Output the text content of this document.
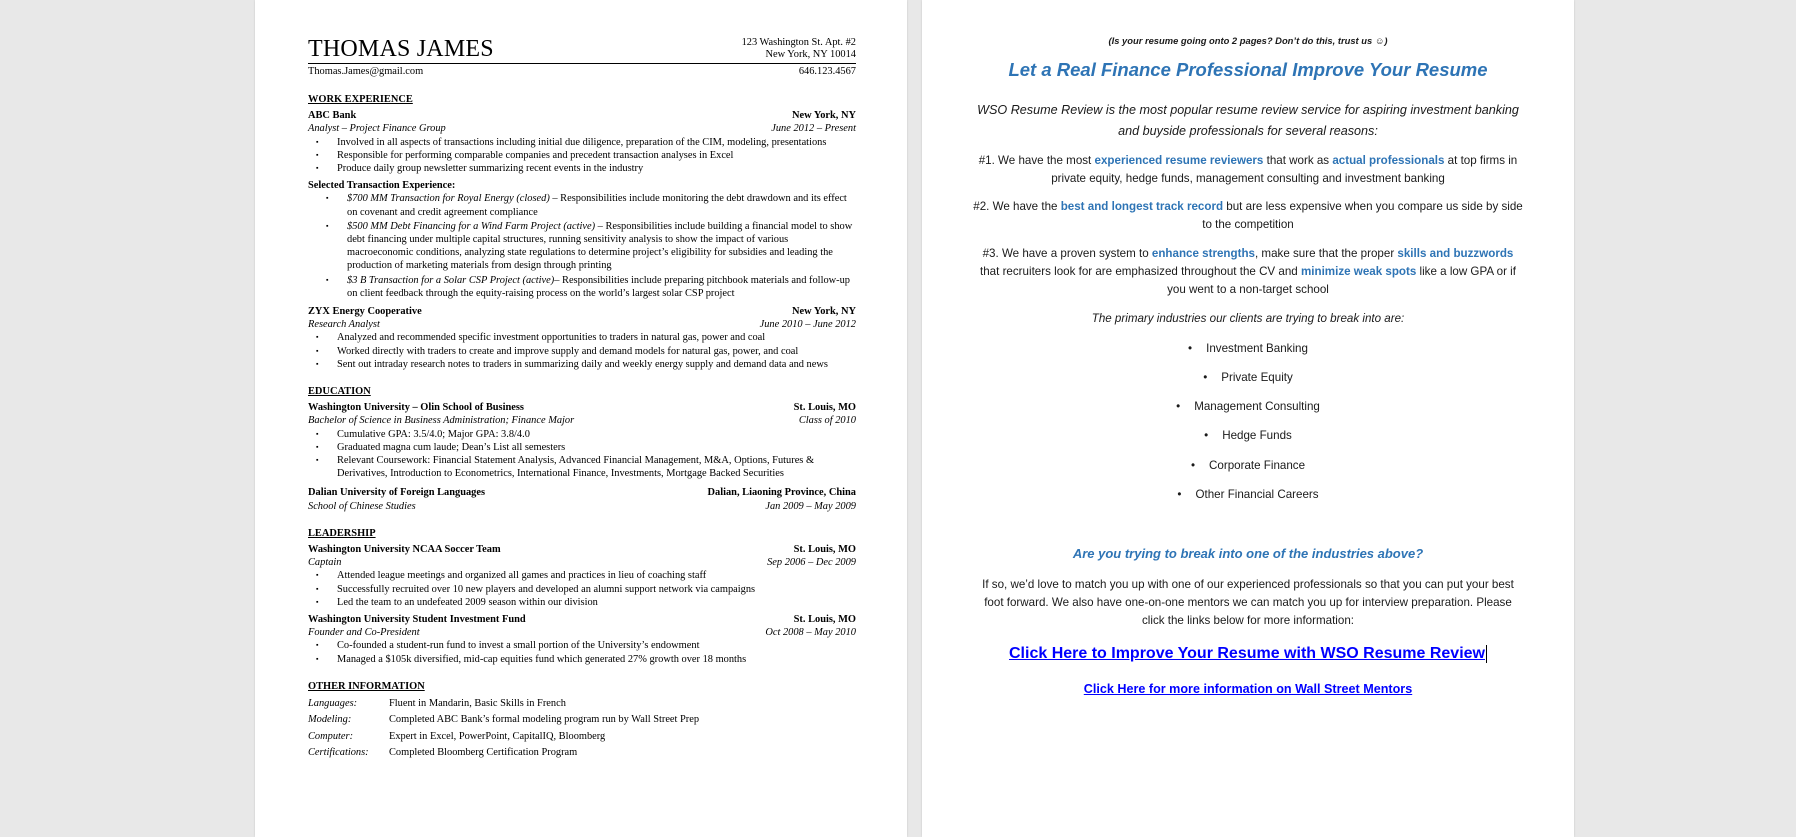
THOMAS JAMES	123 Washington St. Apt. #2
New York, NY 10014
Thomas.James@gmail.com	646.123.4567
WORK EXPERIENCE
ABC Bank	New York, NY
Analyst – Project Finance Group	June 2012 – Present
▪ Involved in all aspects of transactions including initial due diligence, preparation of the CIM, modeling, presentations
▪ Responsible for performing comparable companies and precedent transaction analyses in Excel
▪ Produce daily group newsletter summarizing recent events in the industry
Selected Transaction Experience:
▪ $700 MM Transaction for Royal Energy (closed) – Responsibilities include monitoring the debt drawdown and its effect on covenant and credit agreement compliance
▪ $500 MM Debt Financing for a Wind Farm Project (active) – Responsibilities include building a financial model to show debt financing under multiple capital structures, running sensitivity analysis to show the impact of various macroeconomic conditions, analyzing state regulations to determine project’s eligibility for subsidies and leading the production of marketing materials from design through printing
▪ $3 B Transaction for a Solar CSP Project (active)– Responsibilities include preparing pitchbook materials and follow-up on client feedback through the equity-raising process on the world’s largest solar CSP project
ZYX Energy Cooperative	New York, NY
Research Analyst	June 2010 – June 2012
▪ Analyzed and recommended specific investment opportunities to traders in natural gas, power and coal
▪ Worked directly with traders to create and improve supply and demand models for natural gas, power, and coal
▪ Sent out intraday research notes to traders in summarizing daily and weekly energy supply and demand data and news
EDUCATION
Washington University – Olin School of Business	St. Louis, MO
Bachelor of Science in Business Administration; Finance Major	Class of 2010
▪ Cumulative GPA: 3.5/4.0; Major GPA: 3.8/4.0
▪ Graduated magna cum laude; Dean’s List all semesters
▪ Relevant Coursework: Financial Statement Analysis, Advanced Financial Management, M&A, Options, Futures & Derivatives, Introduction to Econometrics, International Finance, Investments, Mortgage Backed Securities
Dalian University of Foreign Languages	Dalian, Liaoning Province, China
School of Chinese Studies	Jan 2009 – May 2009
LEADERSHIP
Washington University NCAA Soccer Team	St. Louis, MO
Captain	Sep 2006 – Dec 2009
▪ Attended league meetings and organized all games and practices in lieu of coaching staff
▪ Successfully recruited over 10 new players and developed an alumni support network via campaigns
▪ Led the team to an undefeated 2009 season within our division
Washington University Student Investment Fund	St. Louis, MO
Founder and Co-President	Oct 2008 – May 2010
▪ Co-founded a student-run fund to invest a small portion of the University’s endowment
▪ Managed a $105k diversified, mid-cap equities fund which generated 27% growth over 18 months
OTHER INFORMATION
Languages:	Fluent in Mandarin, Basic Skills in French
Modeling:	Completed ABC Bank’s formal modeling program run by Wall Street Prep
Computer:	Expert in Excel, PowerPoint, CapitalIQ, Bloomberg
Certifications: Completed Bloomberg Certification Program
(Is your resume going onto 2 pages? Don’t do this, trust us ☺)
Let a Real Finance Professional Improve Your Resume
WSO Resume Review is the most popular resume review service for aspiring investment banking and buyside professionals for several reasons:
#1. We have the most experienced resume reviewers that work as actual professionals at top firms in private equity, hedge funds, management consulting and investment banking
#2. We have the best and longest track record but are less expensive when you compare us side by side to the competition
#3. We have a proven system to enhance strengths, make sure that the proper skills and buzzwords that recruiters look for are emphasized throughout the CV and minimize weak spots like a low GPA or if you went to a non-target school
The primary industries our clients are trying to break into are:
• Investment Banking
• Private Equity
• Management Consulting
• Hedge Funds
• Corporate Finance
• Other Financial Careers
Are you trying to break into one of the industries above?
If so, we’d love to match you up with one of our experienced professionals so that you can put your best foot forward. We also have one-on-one mentors we can match you up for interview preparation. Please click the links below for more information:
Click Here to Improve Your Resume with WSO Resume Review
Click Here for more information on Wall Street Mentors
